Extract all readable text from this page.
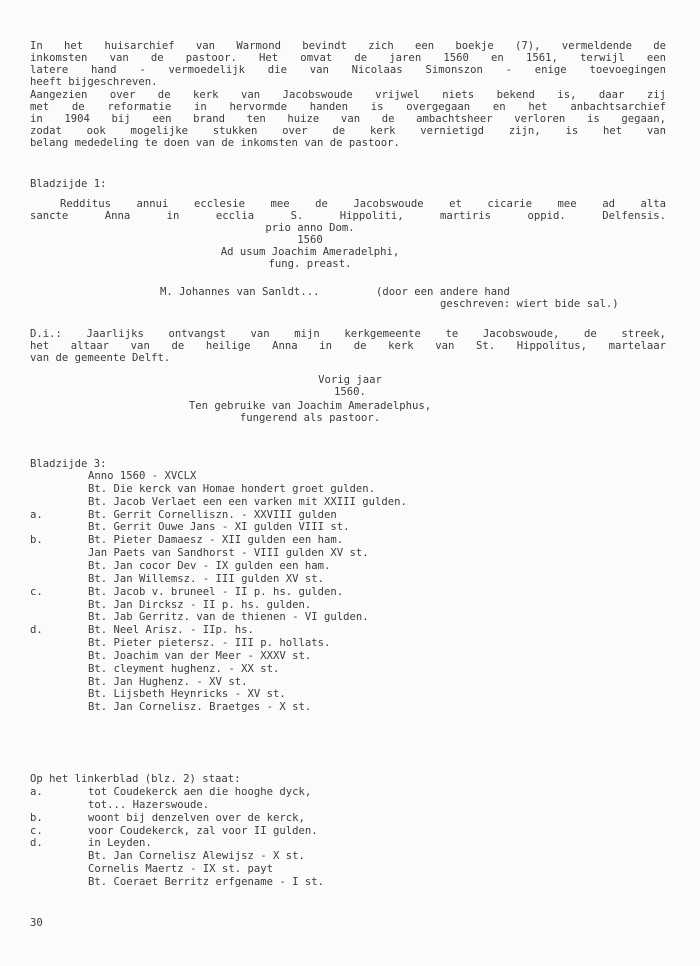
In het huisarchief van Warmond bevindt zich een boekje (7), vermeldende de
inkomsten van de pastoor. Het omvat de jaren 1560 en 1561, terwijl een
latere hand - vermoedelijk die van Nicolaas Simonszon - enige toevoegingen
heeft bijgeschreven.
Aangezien over de kerk van Jacobswoude vrijwel niets bekend is, daar zij
met de reformatie in hervormde handen is overgegaan en het anbachtsarchief
in 1904 bij een brand ten huize van de ambachtsheer verloren is gegaan,
zodat ook mogelijke stukken over de kerk vernietigd zijn, is het van
belang mededeling te doen van de inkomsten van de pastoor.
Bladzijde 1:
Redditus annui ecclesie mee de Jacobswoude et cicarie mee ad alta
sancte Anna in ecclia S. Hippoliti, martiris oppid. Delfensis.
prio anno Dom.
1560
Ad usum Joachim Ameradelphi,
fung. preast.
M. Johannes van Sanldt...	(door een andere hand
geschreven: wiert bide sal.)
D.i.: Jaarlijks ontvangst van mijn kerkgemeente te Jacobswoude, de streek,
het altaar van de heilige Anna in de kerk van St. Hippolitus, martelaar
van de gemeente Delft.
Vorig jaar
1560.
Ten gebruike van Joachim Ameradelphus,
fungerend als pastoor.
Bladzijde 3:
Anno 1560 - XVCLX
Bt. Die kerck van Homae hondert groet gulden.
Bt. Jacob Verlaet een een varken mit XXIII gulden.
a.	Bt. Gerrit Cornelliszn. - XXVIII gulden
Bt. Gerrit Ouwe Jans - XI gulden VIII st.
b.	Bt. Pieter Damaesz - XII gulden een ham.
Jan Paets van Sandhorst - VIII gulden XV st.
Bt. Jan cocor Dev - IX gulden een ham.
Bt. Jan Willemsz. - III gulden XV st.
c.	Bt. Jacob v. bruneel - II p. hs. gulden.
Bt. Jan Dircksz - II p. hs. gulden.
Bt. Jab Gerritz. van de thienen - VI gulden.
d.	Bt. Neel Arisz. - IIp. hs.
Bt. Pieter pietersz. - III p. hollats.
Bt. Joachim van der Meer - XXXV st.
Bt. cleyment hughenz. - XX st.
Bt. Jan Hughenz. - XV st.
Bt. Lijsbeth Heynricks - XV st.
Bt. Jan Cornelisz. Braetges - X st.
Op het linkerblad (blz. 2) staat:
a.	tot Coudekerck aen die hooghe dyck,
tot... Hazerswoude.
b.	woont bij denzelven over de kerck,
c.	voor Coudekerck, zal voor II gulden.
d.	in Leyden.
Bt. Jan Cornelisz Alewijsz - X st.
Cornelis Maertz - IX st. payt
Bt. Coeraet Berritz erfgename - I st.
30
